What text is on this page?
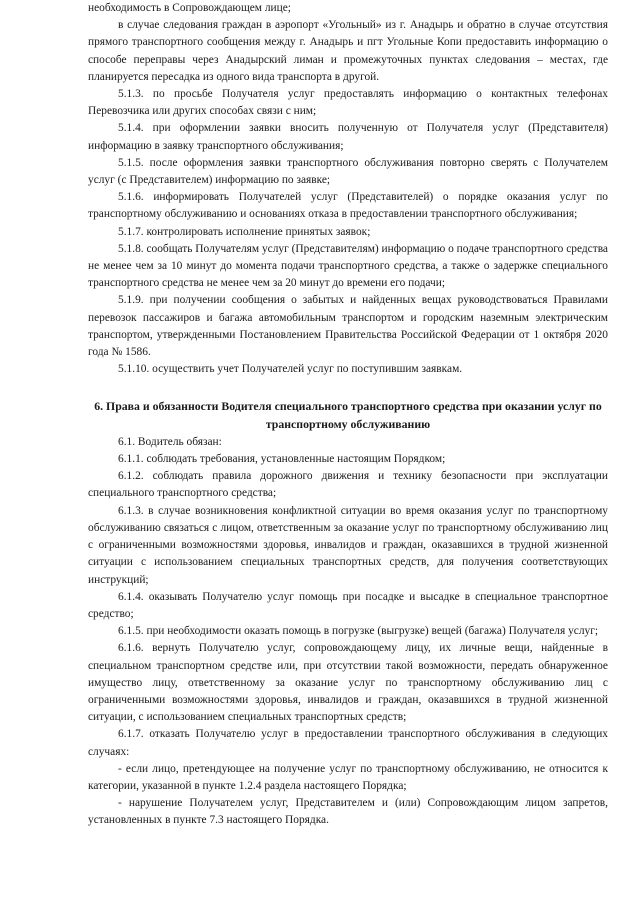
необходимость в Сопровождающем лице;

в случае следования граждан в аэропорт «Угольный» из г. Анадырь и обратно в случае отсутствия прямого транспортного сообщения между г. Анадырь и пгт Угольные Копи предоставить информацию о способе переправы через Анадырский лиман и промежуточных пунктах следования – местах, где планируется пересадка из одного вида транспорта в другой.

5.1.3. по просьбе Получателя услуг предоставлять информацию о контактных телефонах Перевозчика или других способах связи с ним;

5.1.4. при оформлении заявки вносить полученную от Получателя услуг (Представителя) информацию в заявку транспортного обслуживания;

5.1.5. после оформления заявки транспортного обслуживания повторно сверять с Получателем услуг (с Представителем) информацию по заявке;

5.1.6. информировать Получателей услуг (Представителей) о порядке оказания услуг по транспортному обслуживанию и основаниях отказа в предоставлении транспортного обслуживания;

5.1.7. контролировать исполнение принятых заявок;

5.1.8. сообщать Получателям услуг (Представителям) информацию о подаче транспортного средства не менее чем за 10 минут до момента подачи транспортного средства, а также о задержке специального транспортного средства не менее чем за 20 минут до времени его подачи;

5.1.9. при получении сообщения о забытых и найденных вещах руководствоваться Правилами перевозок пассажиров и багажа автомобильным транспортом и городским наземным электрическим транспортом, утвержденными Постановлением Правительства Российской Федерации от 1 октября 2020 года № 1586.

5.1.10. осуществить учет Получателей услуг по поступившим заявкам.

6. Права и обязанности Водителя специального транспортного средства при оказании услуг по транспортному обслуживанию

6.1. Водитель обязан:

6.1.1. соблюдать требования, установленные настоящим Порядком;

6.1.2. соблюдать правила дорожного движения и технику безопасности при эксплуатации специального транспортного средства;

6.1.3. в случае возникновения конфликтной ситуации во время оказания услуг по транспортному обслуживанию связаться с лицом, ответственным за оказание услуг по транспортному обслуживанию лиц с ограниченными возможностями здоровья, инвалидов и граждан, оказавшихся в трудной жизненной ситуации с использованием специальных транспортных средств, для получения соответствующих инструкций;

6.1.4. оказывать Получателю услуг помощь при посадке и высадке в специальное транспортное средство;

6.1.5. при необходимости оказать помощь в погрузке (выгрузке) вещей (багажа) Получателя услуг;

6.1.6. вернуть Получателю услуг, сопровождающему лицу, их личные вещи, найденные в специальном транспортном средстве или, при отсутствии такой возможности, передать обнаруженное имущество лицу, ответственному за оказание услуг по транспортному обслуживанию лиц с ограниченными возможностями здоровья, инвалидов и граждан, оказавшихся в трудной жизненной ситуации, с использованием специальных транспортных средств;

6.1.7. отказать Получателю услуг в предоставлении транспортного обслуживания в следующих случаях:

- если лицо, претендующее на получение услуг по транспортному обслуживанию, не относится к категории, указанной в пункте 1.2.4 раздела настоящего Порядка;

- нарушение Получателем услуг, Представителем и (или) Сопровождающим лицом запретов, установленных в пункте 7.3 настоящего Порядка.
